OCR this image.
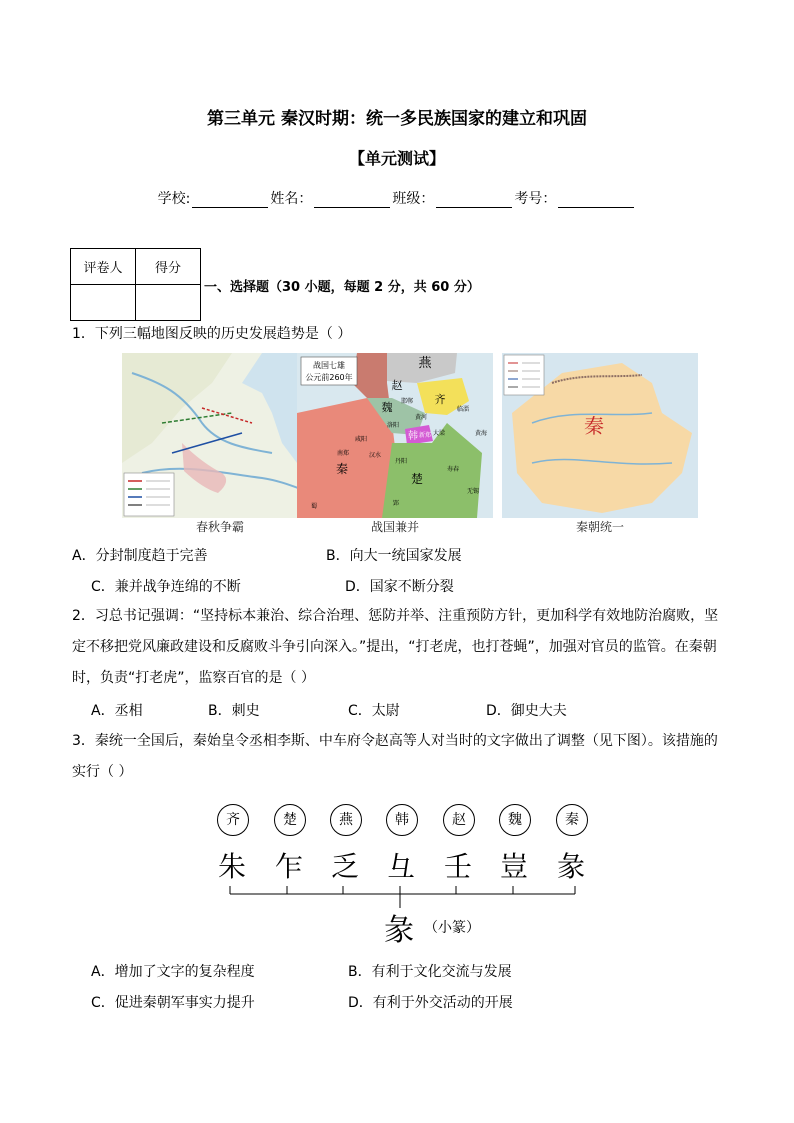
第三单元 秦汉时期：统一多民族国家的建立和巩固
【单元测试】
学校:	姓名：	班级：	考号：
评卷人	得分

一、选择题（30 小题，每题 2 分，共 60 分）
1．下列三幅地图反映的历史发展趋势是（ ）
春秋争霸
战国七雄
公元前260年
燕
赵
齐
魏
韩
秦
楚
邯郸
临淄
黄河
黄海
洛阳
大梁
新郑
咸阳
汉水
丹阳
寿春
无锡
郢
蜀
南郑
战国兼并
秦
秦朝统一
A．分封制度趋于完善	B．向大一统国家发展
C．兼并战争连绵的不断	D．国家不断分裂
2．习总书记强调：“坚持标本兼治、综合治理、惩防并举、注重预防方针，更加科学有效地防治腐败，坚
定不移把党风廉政建设和反腐败斗争引向深入。”提出，“打老虎，也打苍蝇”，加强对官员的监管。在秦朝
时，负责“打老虎”，监察百官的是（ ）
A．丞相	B．刺史	C．太尉	D．御史大夫
3．秦统一全国后，秦始皇令丞相李斯、中车府令赵高等人对当时的文字做出了调整（见下图）。该措施的
实行（ ）
齐	楚	燕	韩	赵	魏	秦
朱 乍 乏 彑 壬 豈 彖
彖 （小篆）
A．增加了文字的复杂程度	B．有利于文化交流与发展
C．促进秦朝军事实力提升	D．有利于外交活动的开展
